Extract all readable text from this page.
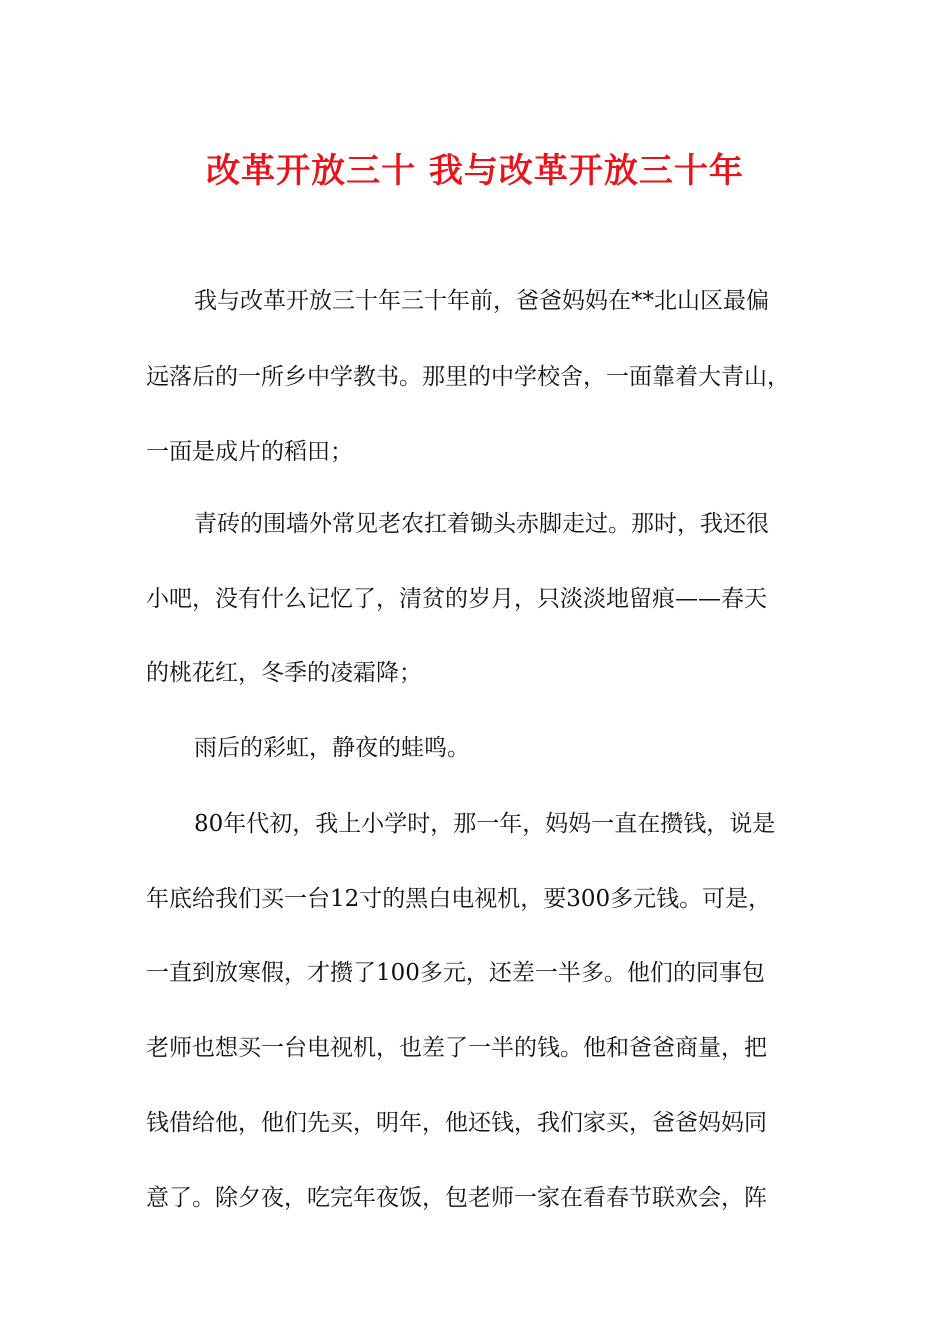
改革开放三十 我与改革开放三十年
我与改革开放三十年三十年前，爸爸妈妈在**北山区最偏
远落后的一所乡中学教书。那里的中学校舍，一面靠着大青山，
一面是成片的稻田；
青砖的围墙外常见老农扛着锄头赤脚走过。那时，我还很
小吧，没有什么记忆了，清贫的岁月，只淡淡地留痕——春天
的桃花红，冬季的凌霜降；
雨后的彩虹，静夜的蛙鸣。
80年代初，我上小学时，那一年，妈妈一直在攒钱，说是
年底给我们买一台12寸的黑白电视机，要300多元钱。可是，
一直到放寒假，才攒了100多元，还差一半多。他们的同事包
老师也想买一台电视机，也差了一半的钱。他和爸爸商量，把
钱借给他，他们先买，明年，他还钱，我们家买，爸爸妈妈同
意了。除夕夜，吃完年夜饭，包老师一家在看春节联欢会，阵
